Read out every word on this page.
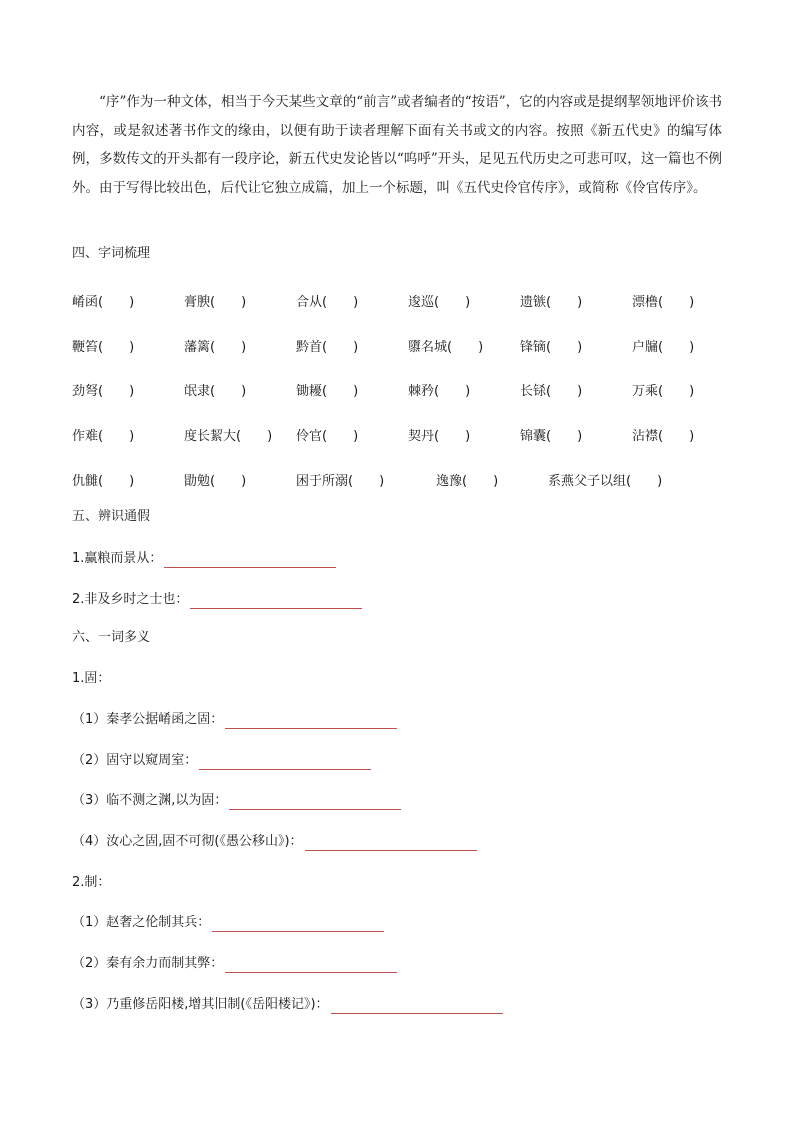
“序”作为一种文体，相当于今天某些文章的“前言”或者编者的“按语”，它的内容或是提纲挈领地评价该书内容，或是叙述著书作文的缘由，以便有助于读者理解下面有关书或文的内容。按照《新五代史》的编写体例，多数传文的开头都有一段序论，新五代史发论皆以“呜呼”开头，足见五代历史之可悲可叹，这一篇也不例外。由于写得比较出色，后代让它独立成篇，加上一个标题，叫《五代史伶官传序》，或简称《伶官传序》。

四、字词梳理
崤函(　　)	膏腴(　　)	合从(　　)	逡巡(　　)	遗镞(　　)	漂橹(　　)
鞭笞(　　)	藩篱(　　)	黔首(　　)	隳名城(　　)	锋镝(　　)	户牖(　　)
劲弩(　　)	氓隶(　　)	锄耰(　　)	棘矜(　　)	长铩(　　)	万乘(　　)
作难(　　)	度长絜大(　　) 伶官(　　)	契丹(　　)	锦囊(　　)	沾襟(　　)
仇雠(　　)	勖勉(　　)	困于所溺(　　)	逸豫(　　)	系燕父子以组(　　)
五、辨识通假
1.赢粮而景从：
2.非及乡时之士也：
六、一词多义
1.固：
（1）秦孝公据崤函之固：
（2）固守以窥周室：
（3）临不测之渊,以为固：
（4）汝心之固,固不可彻(《愚公移山》)：
2.制：
（1）赵奢之伦制其兵：
（2）秦有余力而制其弊：
（3）乃重修岳阳楼,增其旧制(《岳阳楼记》)：
